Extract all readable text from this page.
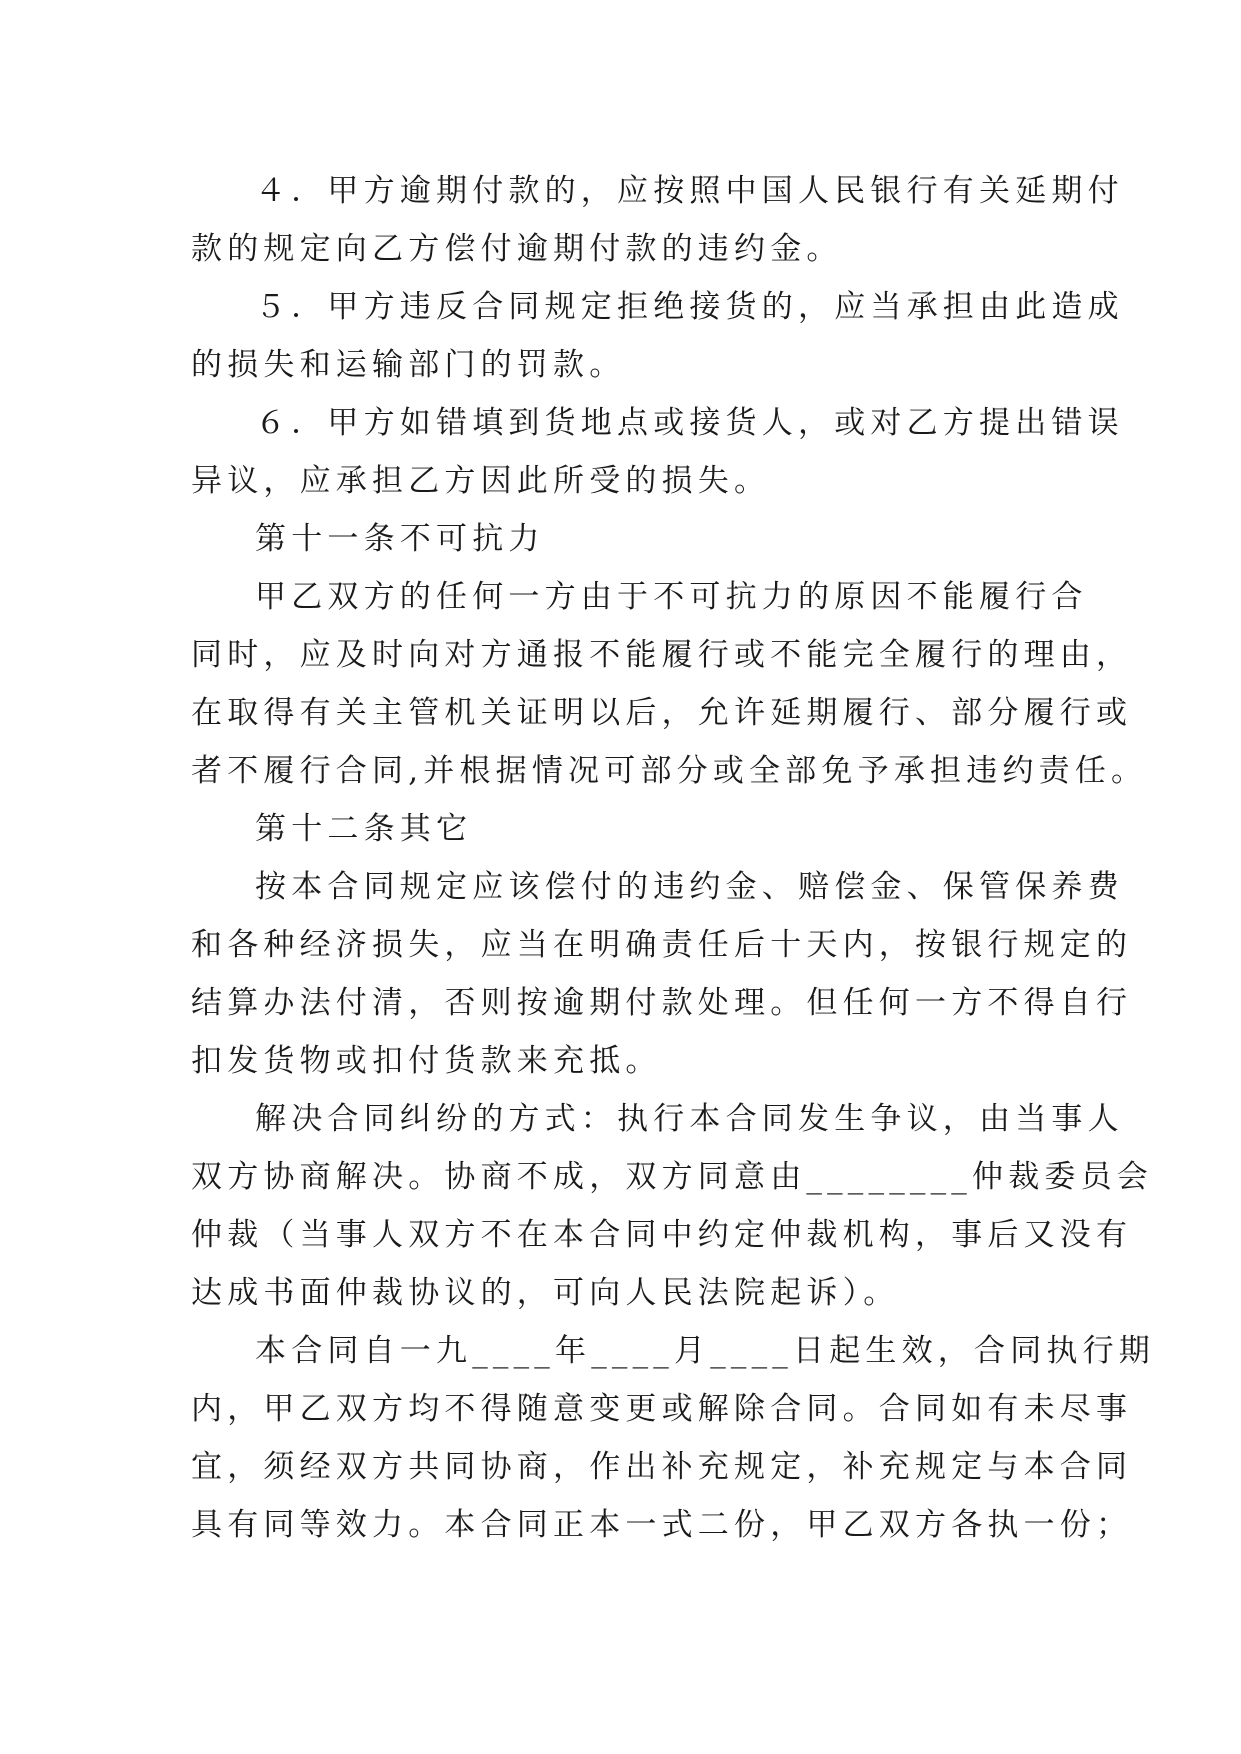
４．甲方逾期付款的，应按照中国人民银行有关延期付
款的规定向乙方偿付逾期付款的违约金。
５．甲方违反合同规定拒绝接货的，应当承担由此造成
的损失和运输部门的罚款。
６．甲方如错填到货地点或接货人，或对乙方提出错误
异议，应承担乙方因此所受的损失。
第十一条不可抗力
甲乙双方的任何一方由于不可抗力的原因不能履行合
同时，应及时向对方通报不能履行或不能完全履行的理由，
在取得有关主管机关证明以后，允许延期履行、部分履行或
者不履行合同,并根据情况可部分或全部免予承担违约责任。
第十二条其它
按本合同规定应该偿付的违约金、赔偿金、保管保养费
和各种经济损失，应当在明确责任后十天内，按银行规定的
结算办法付清，否则按逾期付款处理。但任何一方不得自行
扣发货物或扣付货款来充抵。
解决合同纠纷的方式：执行本合同发生争议，由当事人
双方协商解决。协商不成，双方同意由________仲裁委员会
仲裁（当事人双方不在本合同中约定仲裁机构，事后又没有
达成书面仲裁协议的，可向人民法院起诉）。
本合同自一九____年____月____日起生效，合同执行期
内，甲乙双方均不得随意变更或解除合同。合同如有未尽事
宜，须经双方共同协商，作出补充规定，补充规定与本合同
具有同等效力。本合同正本一式二份，甲乙双方各执一份；
